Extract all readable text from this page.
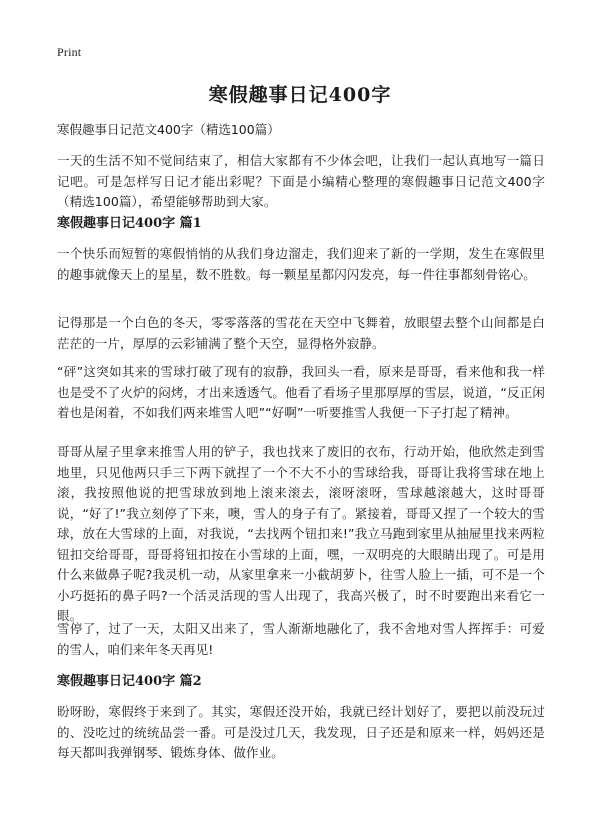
Print
寒假趣事日记400字

寒假趣事日记范文400字（精选100篇）

一天的生活不知不觉间结束了，相信大家都有不少体会吧，让我们一起认真地写一篇日记吧。可是怎样写日记才能出彩呢？下面是小编精心整理的寒假趣事日记范文400字（精选100篇），希望能够帮助到大家。

寒假趣事日记400字 篇1

一个快乐而短暂的寒假悄悄的从我们身边溜走，我们迎来了新的一学期，发生在寒假里的趣事就像天上的星星，数不胜数。每一颗星星都闪闪发亮，每一件往事都刻骨铭心。

记得那是一个白色的冬天，零零落落的雪花在天空中飞舞着，放眼望去整个山间都是白茫茫的一片，厚厚的云彩铺满了整个天空，显得格外寂静。

“砰”这突如其来的雪球打破了现有的寂静，我回头一看，原来是哥哥，看来他和我一样也是受不了火炉的闷烤，才出来透透气。他看了看场子里那厚厚的雪层，说道，“反正闲着也是闲着，不如我们两来堆雪人吧”“好啊”一听要推雪人我便一下子打起了精神。

哥哥从屋子里拿来推雪人用的铲子，我也找来了废旧的衣布，行动开始，他欣然走到雪地里，只见他两只手三下两下就捏了一个不大不小的雪球给我，哥哥让我将雪球在地上滚，我按照他说的把雪球放到地上滚来滚去，滚呀滚呀，雪球越滚越大，这时哥哥说，“好了!”我立刻停了下来，噢，雪人的身子有了。紧接着，哥哥又捏了一个较大的雪球，放在大雪球的上面，对我说，“去找两个钮扣来!”我立马跑到家里从抽屉里找来两粒钮扣交给哥哥，哥哥将钮扣按在小雪球的上面，嘿，一双明亮的大眼睛出现了。可是用什么来做鼻子呢?我灵机一动，从家里拿来一小截胡萝卜，往雪人脸上一插，可不是一个小巧挺拓的鼻子吗?一个活灵活现的雪人出现了，我高兴极了，时不时要跑出来看它一眼。

雪停了，过了一天，太阳又出来了，雪人渐渐地融化了，我不舍地对雪人挥挥手：可爱的雪人，咱们来年冬天再见!

寒假趣事日记400字 篇2

盼呀盼，寒假终于来到了。其实，寒假还没开始，我就已经计划好了，要把以前没玩过的、没吃过的统统品尝一番。可是没过几天，我发现，日子还是和原来一样，妈妈还是每天都叫我弹钢琴、锻炼身体、做作业。
